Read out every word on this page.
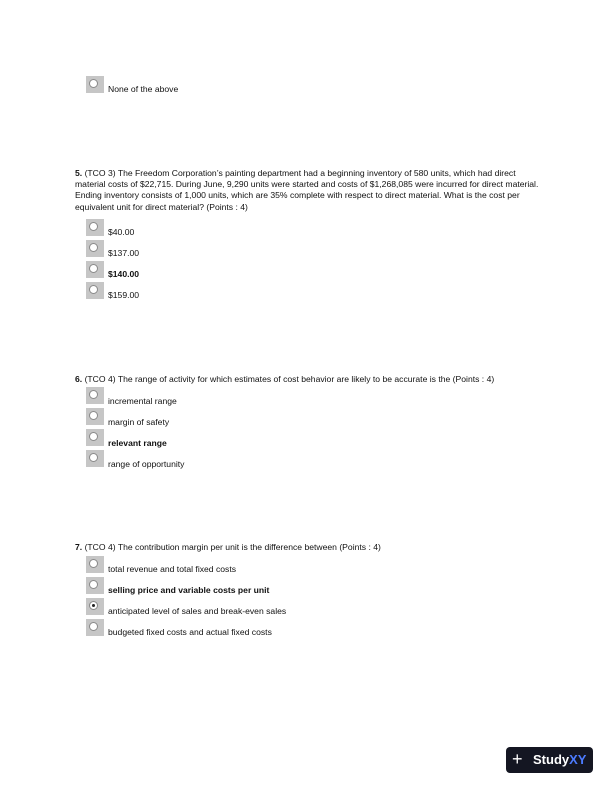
None of the above
5. (TCO 3) The Freedom Corporation’s painting department had a beginning inventory of 580 units, which had direct material costs of $22,715. During June, 9,290 units were started and costs of $1,268,085 were incurred for direct material. Ending inventory consists of 1,000 units, which are 35% complete with respect to direct material. What is the cost per equivalent unit for direct material? (Points : 4)
$40.00
$137.00
$140.00
$159.00
6. (TCO 4) The range of activity for which estimates of cost behavior are likely to be accurate is the (Points : 4)
incremental range
margin of safety
relevant range
range of opportunity
7. (TCO 4) The contribution margin per unit is the difference between (Points : 4)
total revenue and total fixed costs
selling price and variable costs per unit
anticipated level of sales and break-even sales
budgeted fixed costs and actual fixed costs
+ StudyXY
